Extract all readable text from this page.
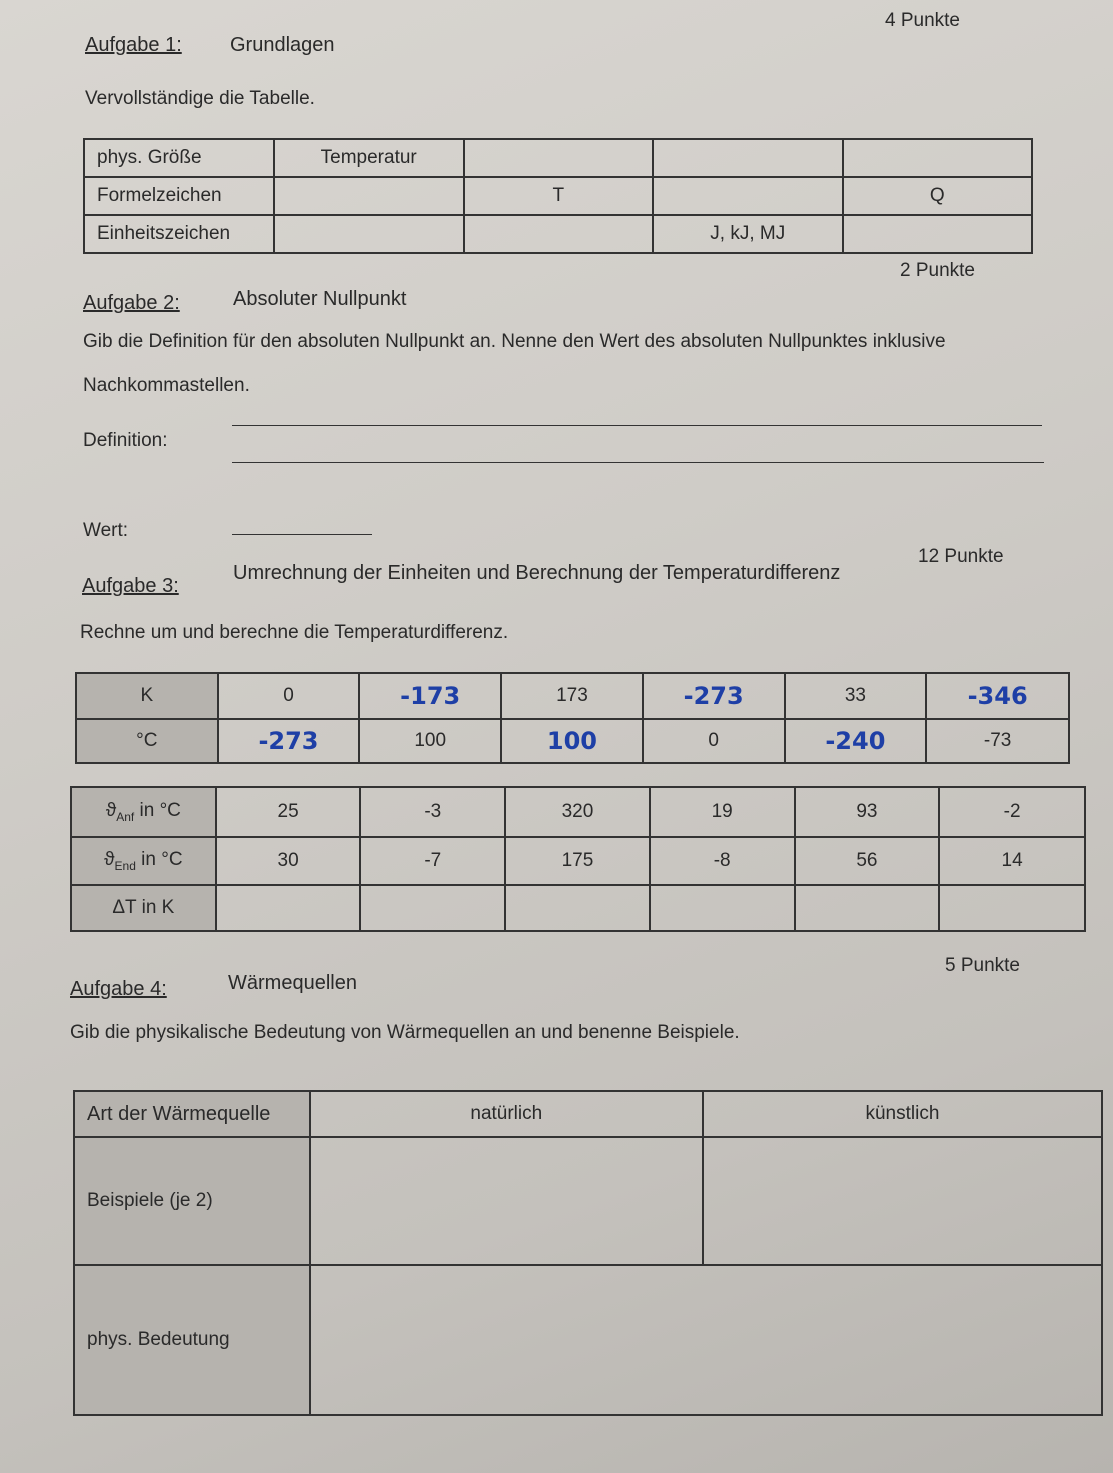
4 Punkte
Aufgabe 1: Grundlagen
Vervollständige die Tabelle.
phys. Größe	Temperatur			
Formelzeichen		T		Q
Einheitszeichen			J, kJ, MJ	
2 Punkte
Aufgabe 2:	Absoluter Nullpunkt
Gib die Definition für den absoluten Nullpunkt an. Nenne den Wert des absoluten Nullpunktes inklusive Nachkommastellen.
Definition:
Wert:
Aufgabe 3:
Umrechnung der Einheiten und Berechnung der Temperaturdifferenz
12 Punkte
Rechne um und berechne die Temperaturdifferenz.
K	0	-173	173	-273	33	-346
°C	-273	100	100	0	-240	-73
$ϑ_{Anf}$ in °C	25	-3	320	19	93	-2
$ϑ_{End}$ in °C	30	-7	175	-8	56	14
ΔT in K						
5 Punkte
Aufgabe 4:	Wärmequellen
Gib die physikalische Bedeutung von Wärmequellen an und benenne Beispiele.
Art der Wärmequelle	natürlich	künstlich
Beispiele (je 2)		
phys. Bedeutung		
